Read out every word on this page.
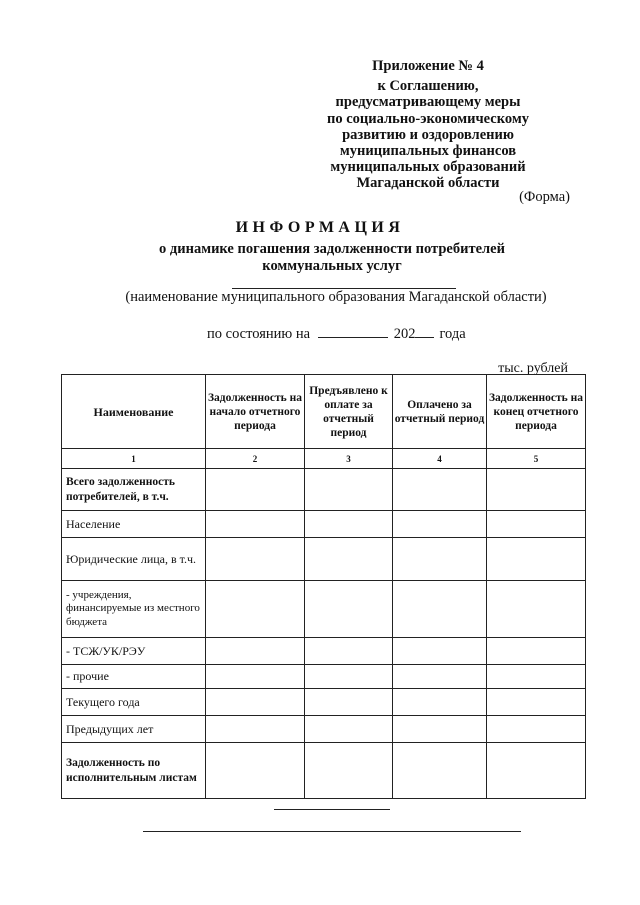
Приложение № 4
к Соглашению,
предусматривающему меры
по социально-экономическому
развитию и оздоровлению
муниципальных финансов
муниципальных образований
Магаданской области
(Форма)
ИНФОРМАЦИЯ
о динамике погашения задолженности потребителей
коммунальных услуг
(наименование муниципального образования Магаданской области)
по состоянию на	202 года
тыс. рублей
Наименование	Задолженность на начало отчетного периода	Предъявлено к оплате за отчетный период	Оплачено за отчетный период	Задолженность на конец отчетного периода
1	2	3	4	5
Всего задолженность потребителей, в т.ч.				
Население				
Юридические лица, в т.ч.				
- учреждения, финансируемые из местного бюджета				
- ТСЖ/УК/РЭУ				
- прочие				
Текущего года				
Предыдущих лет				
Задолженность по исполнительным листам				
